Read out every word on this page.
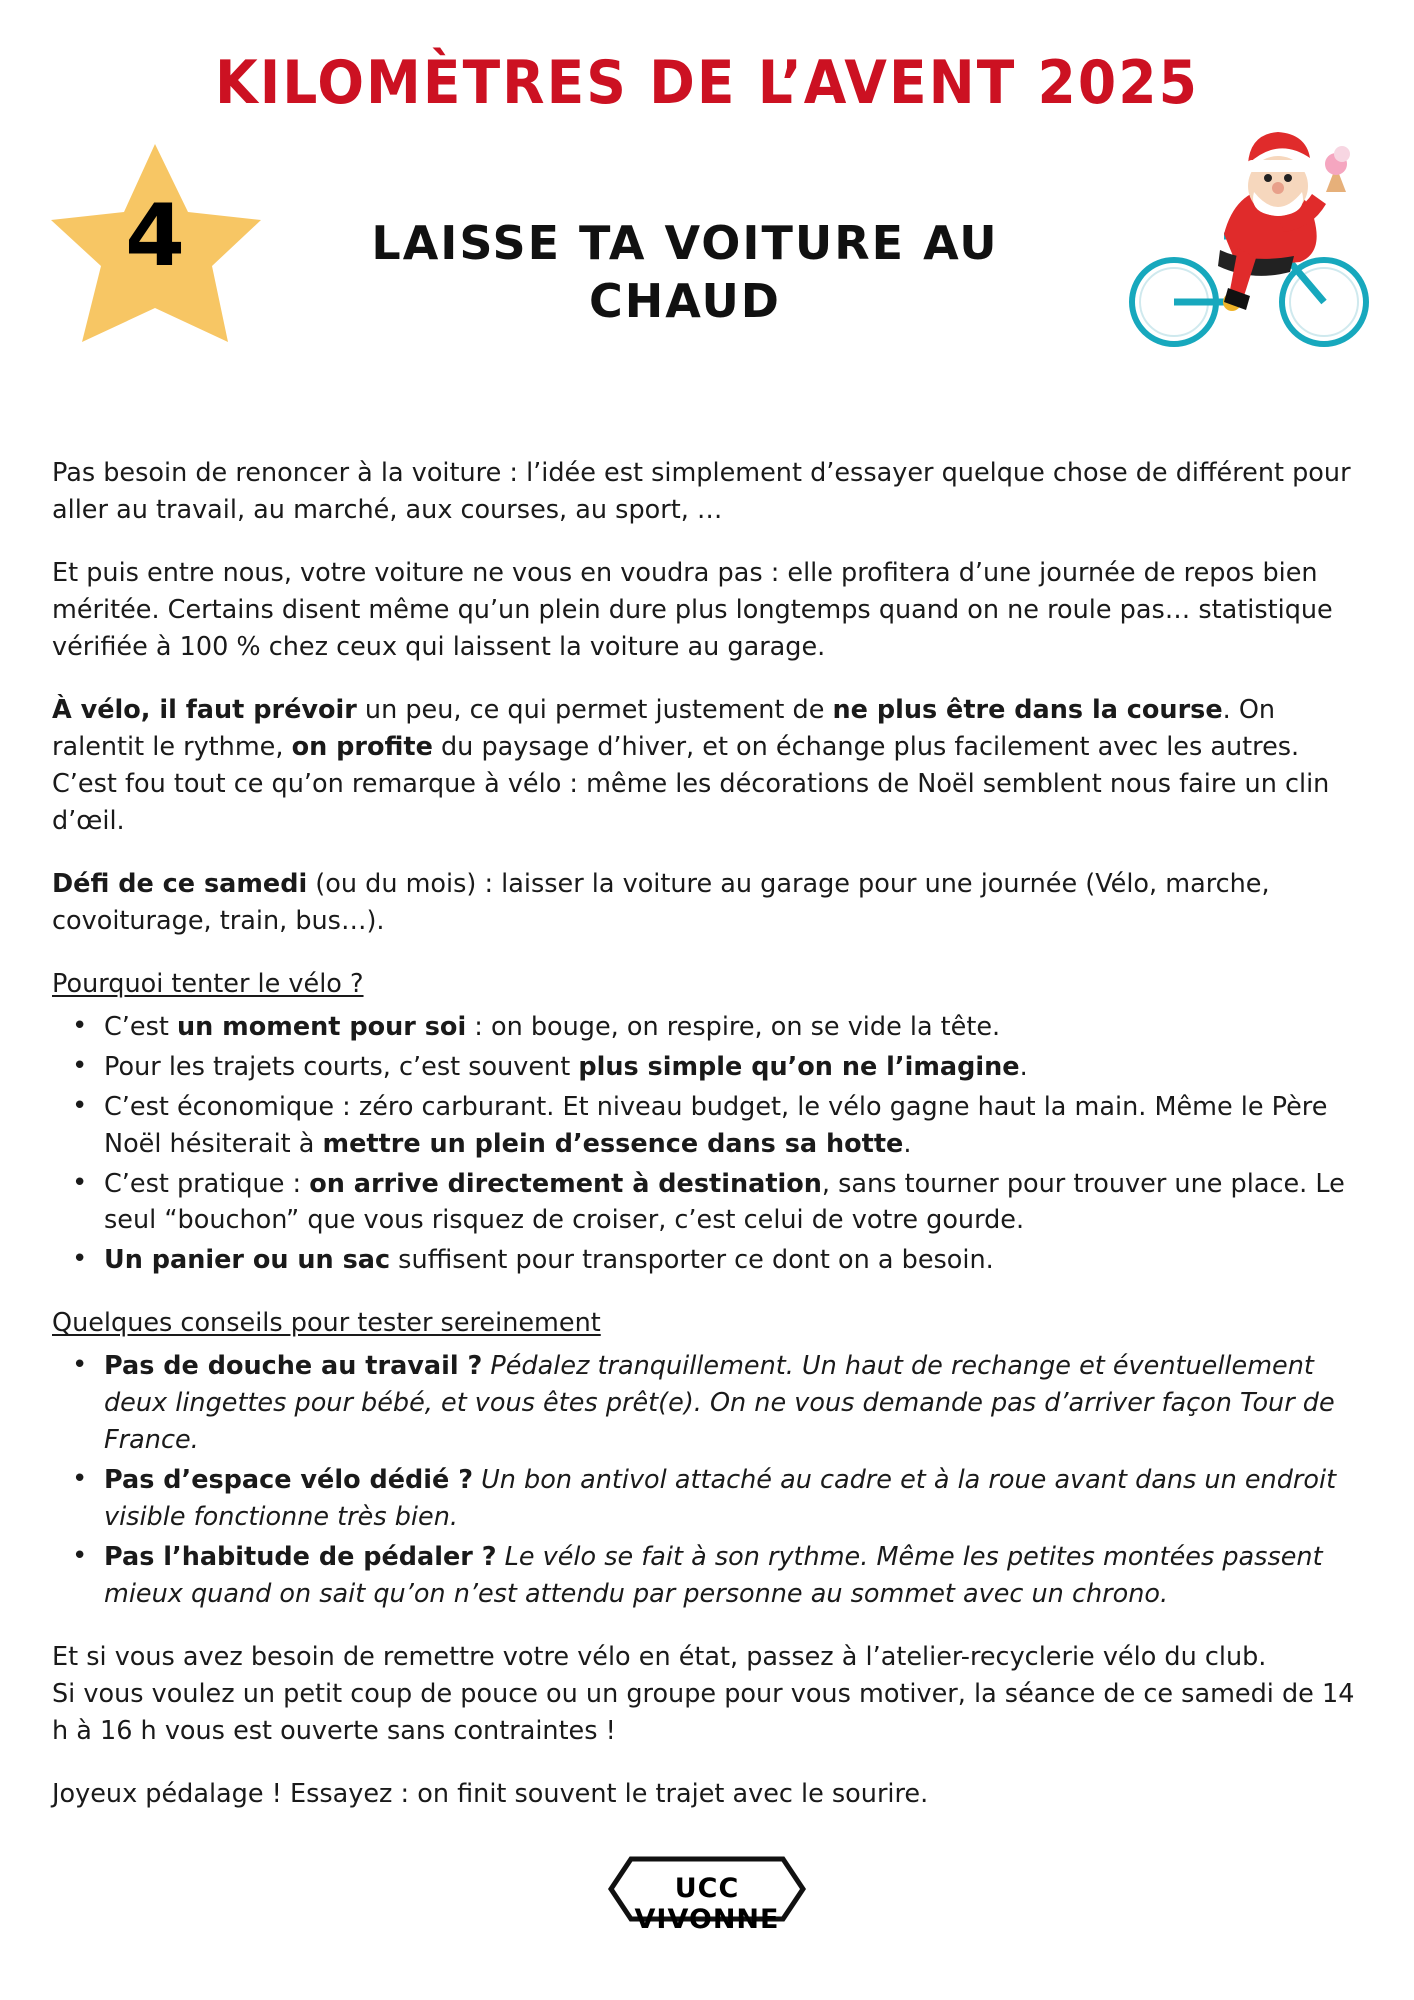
KILOMÈTRES DE L’AVENT 2025
4	LAISSE TA VOITURE AU CHAUD

Pas besoin de renoncer à la voiture : l’idée est simplement d’essayer quelque chose de différent pour aller au travail, au marché, aux courses, au sport, …

Et puis entre nous, votre voiture ne vous en voudra pas : elle profitera d’une journée de repos bien méritée. Certains disent même qu’un plein dure plus longtemps quand on ne roule pas… statistique vérifiée à 100 % chez ceux qui laissent la voiture au garage.

À vélo, il faut prévoir un peu, ce qui permet justement de ne plus être dans la course. On ralentit le rythme, on profite du paysage d’hiver, et on échange plus facilement avec les autres. C’est fou tout ce qu’on remarque à vélo : même les décorations de Noël semblent nous faire un clin d’œil.

Défi de ce samedi (ou du mois) : laisser la voiture au garage pour une journée (Vélo, marche, covoiturage, train, bus…).

Pourquoi tenter le vélo ?

• C’est un moment pour soi : on bouge, on respire, on se vide la tête.
• Pour les trajets courts, c’est souvent plus simple qu’on ne l’imagine.
• C’est économique : zéro carburant. Et niveau budget, le vélo gagne haut la main. Même le Père Noël hésiterait à mettre un plein d’essence dans sa hotte.
• C’est pratique : on arrive directement à destination, sans tourner pour trouver une place. Le seul “bouchon” que vous risquez de croiser, c’est celui de votre gourde.
• Un panier ou un sac suffisent pour transporter ce dont on a besoin.

Quelques conseils pour tester sereinement

• Pas de douche au travail ? Pédalez tranquillement. Un haut de rechange et éventuellement deux lingettes pour bébé, et vous êtes prêt(e). On ne vous demande pas d’arriver façon Tour de France.
• Pas d’espace vélo dédié ? Un bon antivol attaché au cadre et à la roue avant dans un endroit visible fonctionne très bien.
• Pas l’habitude de pédaler ? Le vélo se fait à son rythme. Même les petites montées passent mieux quand on sait qu’on n’est attendu par personne au sommet avec un chrono.
Et si vous avez besoin de remettre votre vélo en état, passez à l’atelier-recyclerie vélo du club.
Si vous voulez un petit coup de pouce ou un groupe pour vous motiver, la séance de ce samedi de 14 h à 16 h vous est ouverte sans contraintes !

Joyeux pédalage ! Essayez : on finit souvent le trajet avec le sourire.

UCC VIVONNE
